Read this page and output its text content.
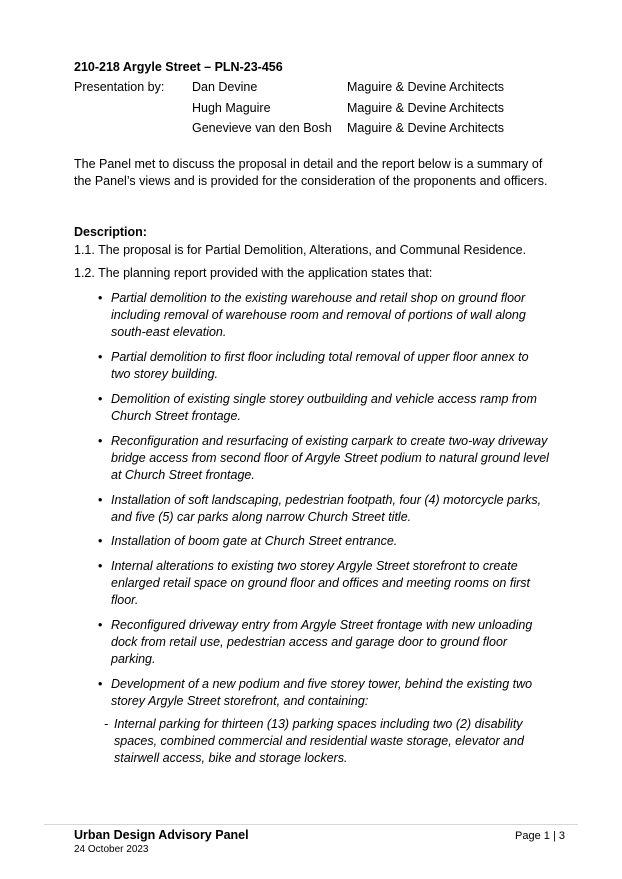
210-218 Argyle Street – PLN-23-456
Presentation by: Dan Devine	Maguire & Devine Architects
Hugh Maguire	Maguire & Devine Architects
Genevieve van den Bosh Maguire & Devine Architects
The Panel met to discuss the proposal in detail and the report below is a summary of the Panel’s views and is provided for the consideration of the proponents and officers.
Description:
1.1. The proposal is for Partial Demolition, Alterations, and Communal Residence.
1.2. The planning report provided with the application states that:
• Partial demolition to the existing warehouse and retail shop on ground floor including removal of warehouse room and removal of portions of wall along south-east elevation.
• Partial demolition to first floor including total removal of upper floor annex to two storey building.
• Demolition of existing single storey outbuilding and vehicle access ramp from Church Street frontage.
• Reconfiguration and resurfacing of existing carpark to create two-way driveway bridge access from second floor of Argyle Street podium to natural ground level at Church Street frontage.
• Installation of soft landscaping, pedestrian footpath, four (4) motorcycle parks, and five (5) car parks along narrow Church Street title.
• Installation of boom gate at Church Street entrance.
• Internal alterations to existing two storey Argyle Street storefront to create enlarged retail space on ground floor and offices and meeting rooms on first floor.
• Reconfigured driveway entry from Argyle Street frontage with new unloading dock from retail use, pedestrian access and garage door to ground floor parking.
• Development of a new podium and five storey tower, behind the existing two storey Argyle Street storefront, and containing:
- Internal parking for thirteen (13) parking spaces including two (2) disability spaces, combined commercial and residential waste storage, elevator and stairwell access, bike and storage lockers.
Urban Design Advisory Panel
24 October 2023
Page 1 | 3
